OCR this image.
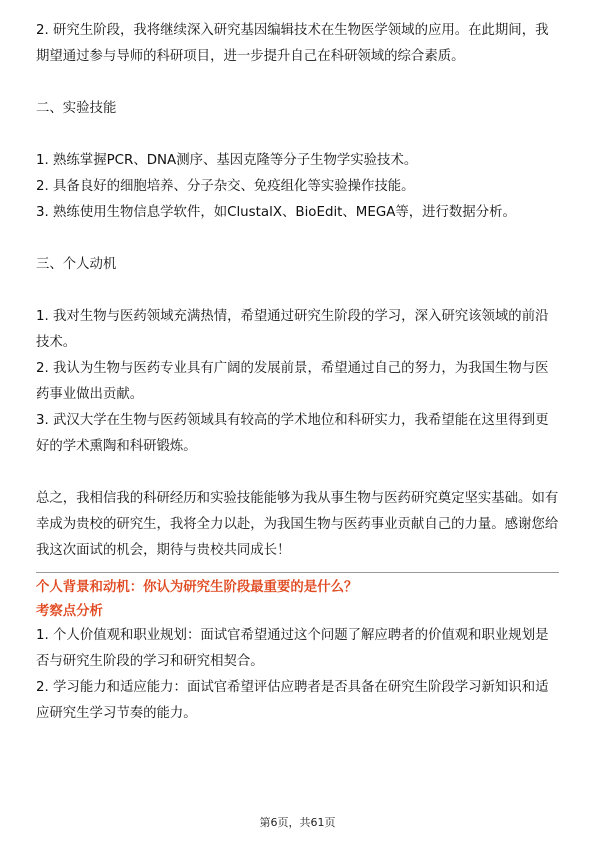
2. 研究生阶段，我将继续深入研究基因编辑技术在生物医学领域的应用。在此期间，我期望通过参与导师的科研项目，进一步提升自己在科研领域的综合素质。

二、实验技能

1. 熟练掌握PCR、DNA测序、基因克隆等分子生物学实验技术。

2. 具备良好的细胞培养、分子杂交、免疫组化等实验操作技能。

3. 熟练使用生物信息学软件，如ClustalX、BioEdit、MEGA等，进行数据分析。

三、个人动机

1. 我对生物与医药领域充满热情，希望通过研究生阶段的学习，深入研究该领域的前沿技术。

2. 我认为生物与医药专业具有广阔的发展前景，希望通过自己的努力，为我国生物与医药事业做出贡献。

3. 武汉大学在生物与医药领域具有较高的学术地位和科研实力，我希望能在这里得到更好的学术熏陶和科研锻炼。

总之，我相信我的科研经历和实验技能能够为我从事生物与医药研究奠定坚实基础。如有幸成为贵校的研究生，我将全力以赴，为我国生物与医药事业贡献自己的力量。感谢您给我这次面试的机会，期待与贵校共同成长！

个人背景和动机：你认为研究生阶段最重要的是什么？

考察点分析

1. 个人价值观和职业规划：面试官希望通过这个问题了解应聘者的价值观和职业规划是否与研究生阶段的学习和研究相契合。

2. 学习能力和适应能力：面试官希望评估应聘者是否具备在研究生阶段学习新知识和适应研究生学习节奏的能力。

第6页，共61页
